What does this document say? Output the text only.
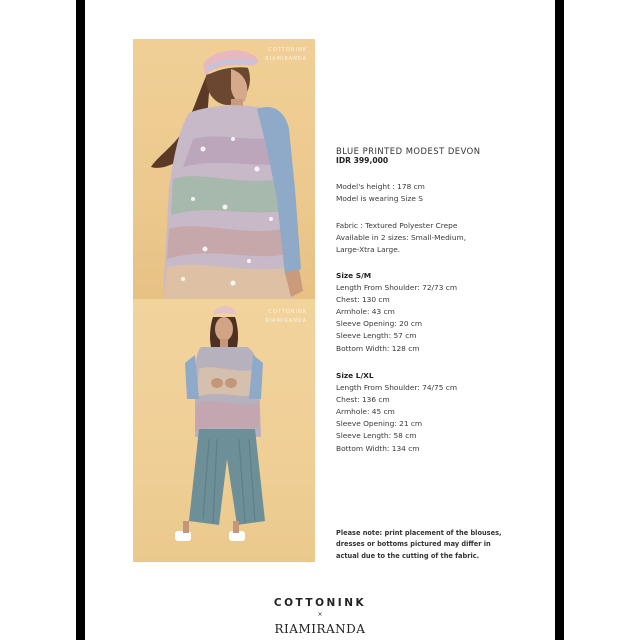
COTTONINK
RIAMIRANDA
COTTONINK
RIAMIRANDA
BLUE PRINTED MODEST DEVON
IDR 399,000
Model's height : 178 cm
Model is wearing Size S
Fabric : Textured Polyester Crepe
Available in 2 sizes: Small-Medium,
Large-Xtra Large.
Size S/M
Length From Shoulder: 72/73 cm
Chest: 130 cm
Armhole: 43 cm
Sleeve Opening: 20 cm
Sleeve Length: 57 cm
Bottom Width: 128 cm
Size L/XL
Length From Shoulder: 74/75 cm
Chest: 136 cm
Armhole: 45 cm
Sleeve Opening: 21 cm
Sleeve Length: 58 cm
Bottom Width: 134 cm
Please note: print placement of the blouses,
dresses or bottoms pictured may differ in
actual due to the cutting of the fabric.
COTTONINK
×
RIAMIRANDA
